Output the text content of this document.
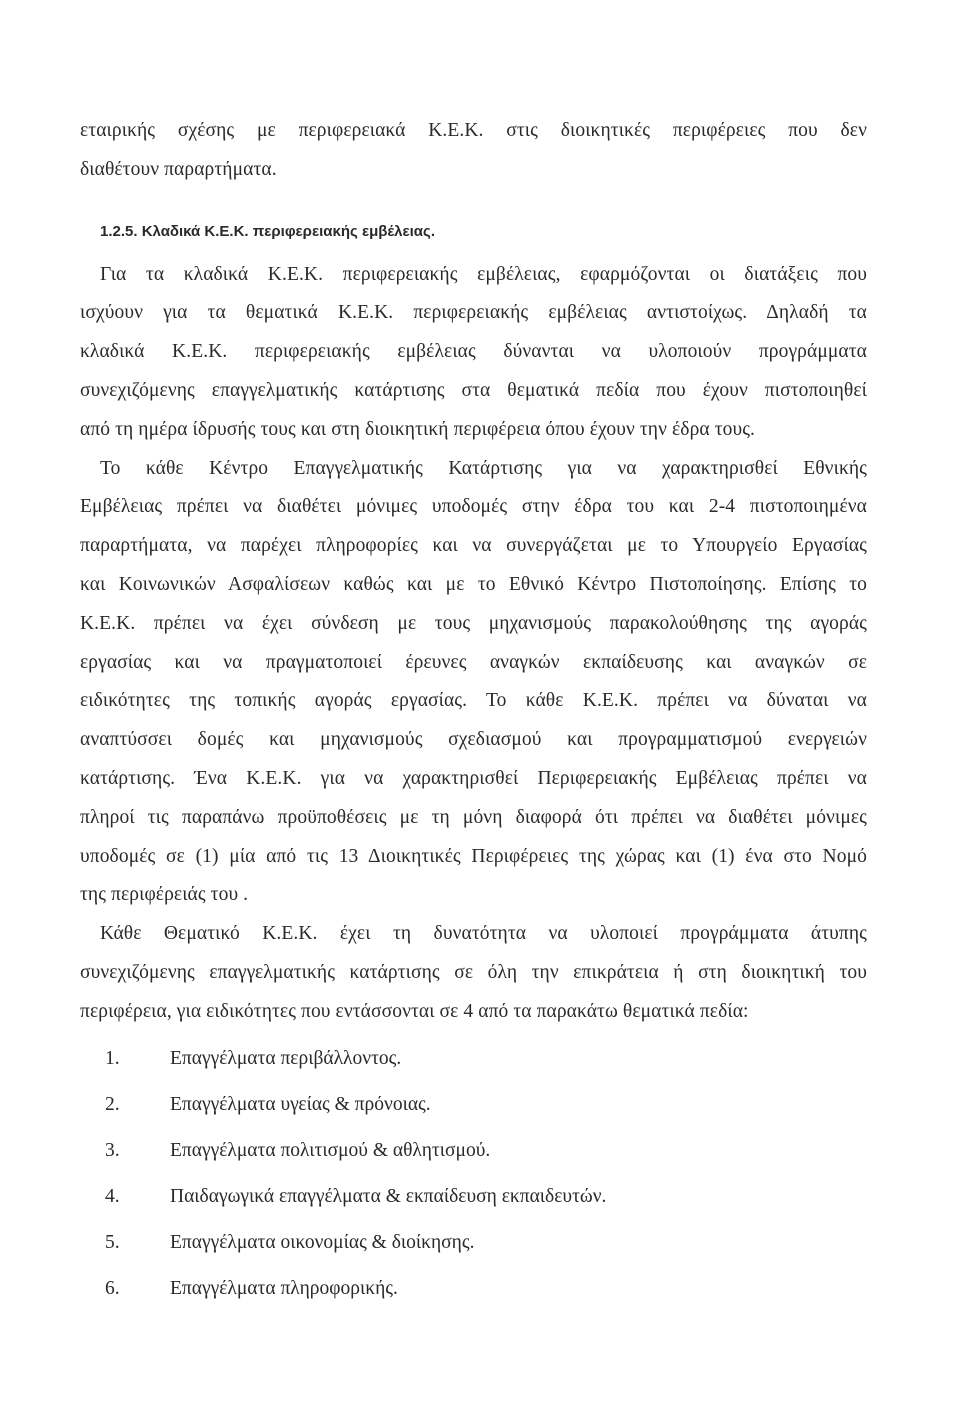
εταιρικής σχέσης με περιφερειακά Κ.Ε.Κ. στις διοικητικές περιφέρειες που δεν
διαθέτουν παραρτήματα.
1.2.5. Κλαδικά Κ.Ε.Κ. περιφερειακής εμβέλειας.
Για τα κλαδικά Κ.Ε.Κ. περιφερειακής εμβέλειας, εφαρμόζονται οι διατάξεις που
ισχύουν για τα θεματικά Κ.Ε.Κ. περιφερειακής εμβέλειας αντιστοίχως. Δηλαδή τα
κλαδικά Κ.Ε.Κ. περιφερειακής εμβέλειας δύνανται να υλοποιούν προγράμματα
συνεχιζόμενης επαγγελματικής κατάρτισης στα θεματικά πεδία που έχουν πιστοποιηθεί
από τη ημέρα ίδρυσής τους και στη διοικητική περιφέρεια όπου έχουν την έδρα τους.
Το κάθε Κέντρο Επαγγελματικής Κατάρτισης για να χαρακτηρισθεί Εθνικής
Εμβέλειας πρέπει να διαθέτει μόνιμες υποδομές στην έδρα του και 2-4 πιστοποιημένα
παραρτήματα, να παρέχει πληροφορίες και να συνεργάζεται με το Υπουργείο Εργασίας
και Κοινωνικών Ασφαλίσεων καθώς και με το Εθνικό Κέντρο Πιστοποίησης. Επίσης το
Κ.Ε.Κ. πρέπει να έχει σύνδεση με τους μηχανισμούς παρακολούθησης της αγοράς
εργασίας και να πραγματοποιεί έρευνες αναγκών εκπαίδευσης και αναγκών σε
ειδικότητες της τοπικής αγοράς εργασίας. Το κάθε Κ.Ε.Κ. πρέπει να δύναται να
αναπτύσσει δομές και μηχανισμούς σχεδιασμού και προγραμματισμού ενεργειών
κατάρτισης. Ένα Κ.Ε.Κ. για να χαρακτηρισθεί Περιφερειακής Εμβέλειας πρέπει να
πληροί τις παραπάνω προϋποθέσεις με τη μόνη διαφορά ότι πρέπει να διαθέτει μόνιμες
υποδομές σε (1) μία από τις 13 Διοικητικές Περιφέρειες της χώρας και (1) ένα στο Νομό
της περιφέρειάς του .
Κάθε Θεματικό Κ.Ε.Κ. έχει τη δυνατότητα να υλοποιεί προγράμματα άτυπης
συνεχιζόμενης επαγγελματικής κατάρτισης σε όλη την επικράτεια ή στη διοικητική του
περιφέρεια, για ειδικότητες που εντάσσονται σε 4 από τα παρακάτω θεματικά πεδία:
1.	Επαγγέλματα περιβάλλοντος.
2.	Επαγγέλματα υγείας & πρόνοιας.
3.	Επαγγέλματα πολιτισμού & αθλητισμού.
4.	Παιδαγωγικά επαγγέλματα & εκπαίδευση εκπαιδευτών.
5.	Επαγγέλματα οικονομίας & διοίκησης.
6.	Επαγγέλματα πληροφορικής.
